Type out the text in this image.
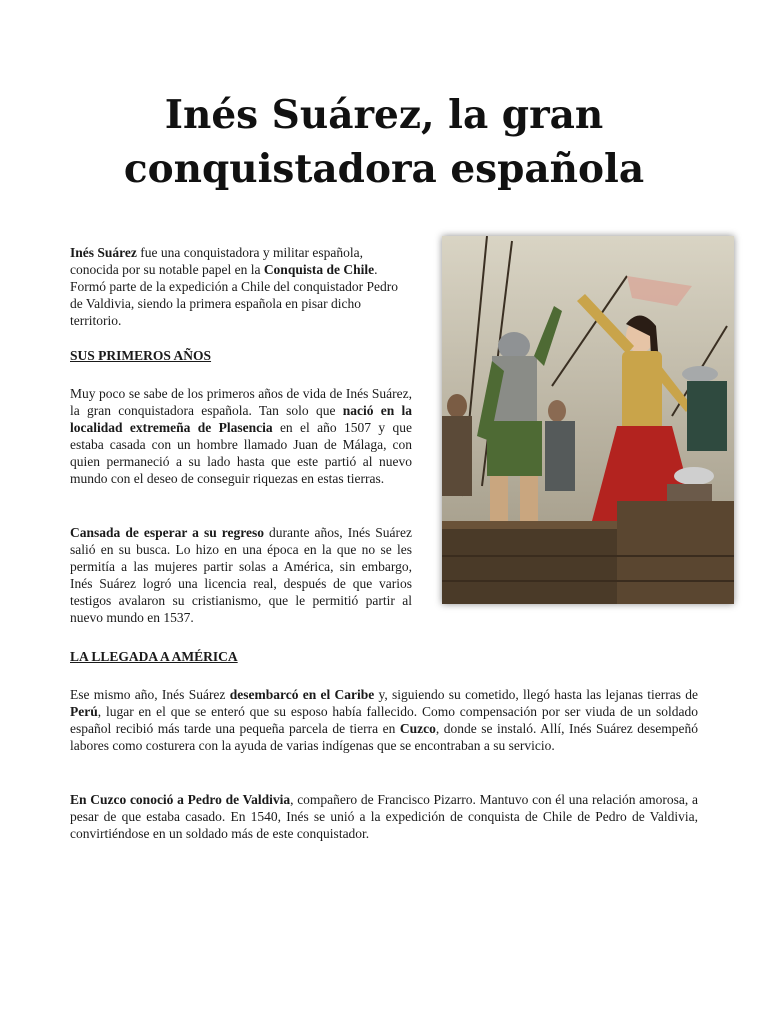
Inés Suárez, la gran
conquistadora española

Inés Suárez fue una conquistadora y militar española, conocida por su notable papel en la Conquista de Chile. Formó parte de la expedición a Chile del conquistador Pedro de Valdivia, siendo la primera española en pisar dicho territorio.

SUS PRIMEROS AÑOS

Muy poco se sabe de los primeros años de vida de Inés Suárez, la gran conquistadora española. Tan solo que nació en la localidad extremeña de Plasencia en el año 1507 y que estaba casada con un hombre llamado Juan de Málaga, con quien permaneció a su lado hasta que este partió al nuevo mundo con el deseo de conseguir riquezas en estas tierras.

Cansada de esperar a su regreso durante años, Inés Suárez salió en su busca. Lo hizo en una época en la que no se les permitía a las mujeres partir solas a América, sin embargo, Inés Suárez logró una licencia real, después de que varios testigos avalaron su cristianismo, que le permitió partir al nuevo mundo en 1537.

LA LLEGADA A AMÉRICA

Ese mismo año, Inés Suárez desembarcó en el Caribe y, siguiendo su cometido, llegó hasta las lejanas tierras de Perú, lugar en el que se enteró que su esposo había fallecido. Como compensación por ser viuda de un soldado español recibió más tarde una pequeña parcela de tierra en Cuzco, donde se instaló. Allí, Inés Suárez desempeñó labores como costurera con la ayuda de varias indígenas que se encontraban a su servicio.

En Cuzco conoció a Pedro de Valdivia, compañero de Francisco Pizarro. Mantuvo con él una relación amorosa, a pesar de que estaba casado. En 1540, Inés se unió a la expedición de conquista de Chile de Pedro de Valdivia, convirtiéndose en un soldado más de este conquistador.
